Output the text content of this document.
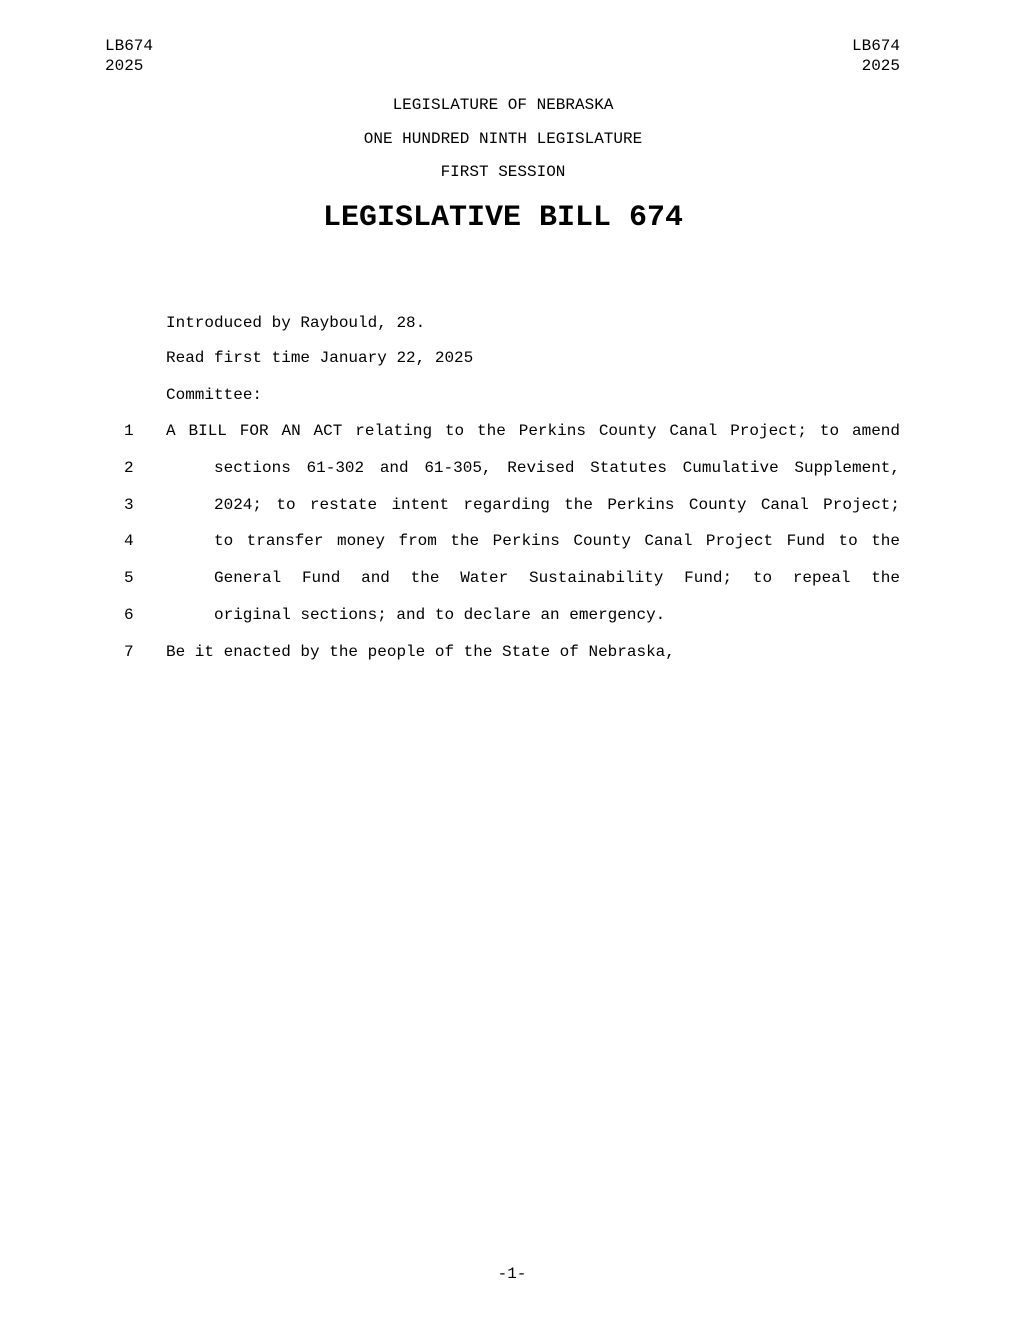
LB674
2025
LB674
2025
LEGISLATURE OF NEBRASKA
ONE HUNDRED NINTH LEGISLATURE
FIRST SESSION
LEGISLATIVE BILL 674
Introduced by Raybould, 28.
Read first time January 22, 2025
Committee:
1 A BILL FOR AN ACT relating to the Perkins County Canal Project; to amend
2	sections 61-302 and 61-305, Revised Statutes Cumulative Supplement,
3	2024; to restate intent regarding the Perkins County Canal Project;
4	to transfer money from the Perkins County Canal Project Fund to the
5	General Fund and the Water Sustainability Fund; to repeal the
6	original sections; and to declare an emergency.
7 Be it enacted by the people of the State of Nebraska,
-1-
